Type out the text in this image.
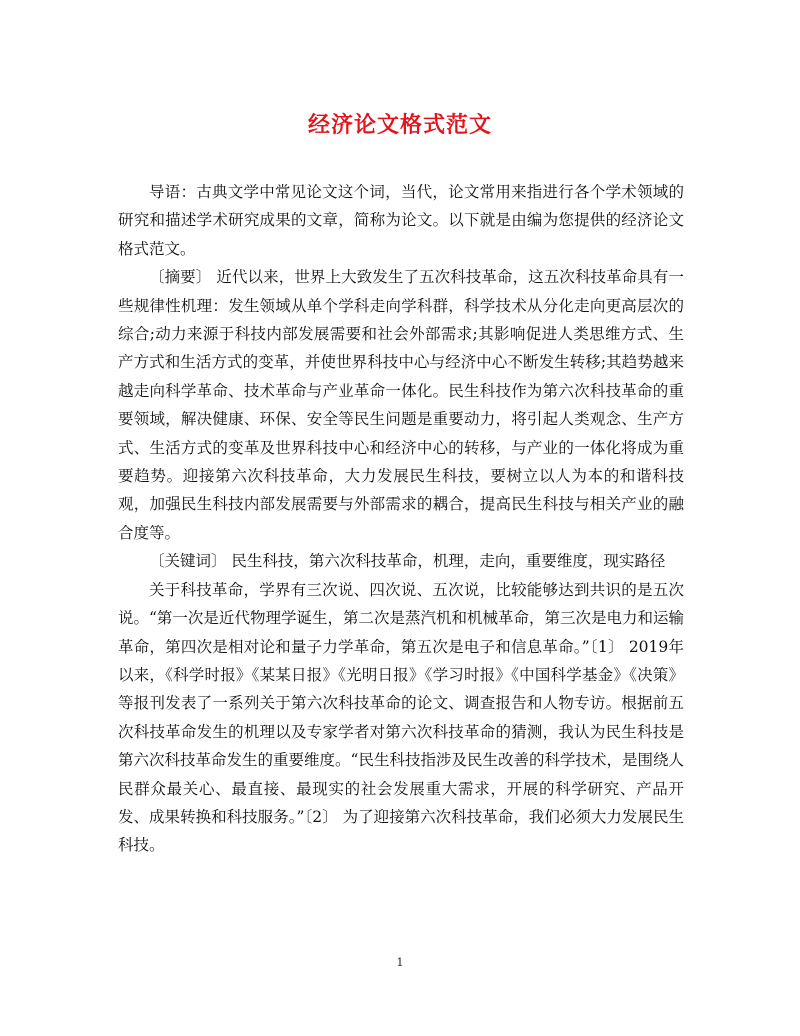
经济论文格式范文

导语：古典文学中常见论文这个词，当代，论文常用来指进行各个学术领域的研究和描述学术研究成果的文章，简称为论文。以下就是由编为您提供的经济论文格式范文。

〔摘要〕 近代以来，世界上大致发生了五次科技革命，这五次科技革命具有一些规律性机理：发生领域从单个学科走向学科群，科学技术从分化走向更高层次的综合;动力来源于科技内部发展需要和社会外部需求;其影响促进人类思维方式、生产方式和生活方式的变革，并使世界科技中心与经济中心不断发生转移;其趋势越来越走向科学革命、技术革命与产业革命一体化。民生科技作为第六次科技革命的重要领域，解决健康、环保、安全等民生问题是重要动力，将引起人类观念、生产方式、生活方式的变革及世界科技中心和经济中心的转移，与产业的一体化将成为重要趋势。迎接第六次科技革命，大力发展民生科技，要树立以人为本的和谐科技观，加强民生科技内部发展需要与外部需求的耦合，提高民生科技与相关产业的融合度等。

〔关键词〕 民生科技，第六次科技革命，机理，走向，重要维度，现实路径

关于科技革命，学界有三次说、四次说、五次说，比较能够达到共识的是五次说。“第一次是近代物理学诞生，第二次是蒸汽机和机械革命，第三次是电力和运输革命，第四次是相对论和量子力学革命，第五次是电子和信息革命。”〔1〕 2019年以来，《科学时报》《某某日报》《光明日报》《学习时报》《中国科学基金》《决策》等报刊发表了一系列关于第六次科技革命的论文、调查报告和人物专访。根据前五次科技革命发生的机理以及专家学者对第六次科技革命的猜测，我认为民生科技是第六次科技革命发生的重要维度。“民生科技指涉及民生改善的科学技术，是围绕人民群众最关心、最直接、最现实的社会发展重大需求，开展的科学研究、产品开发、成果转换和科技服务。”〔2〕 为了迎接第六次科技革命，我们必须大力发展民生科技。

1
